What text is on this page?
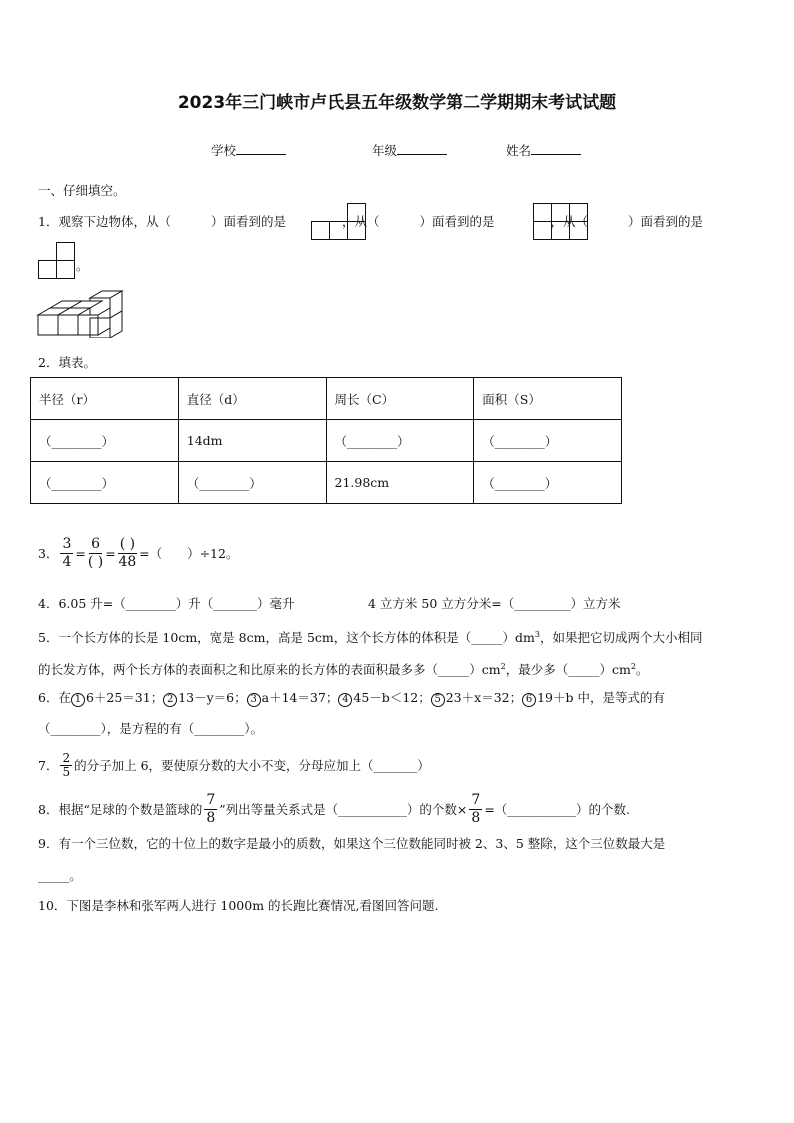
2023年三门峡市卢氏县五年级数学第二学期期末考试试题
学校	年级	姓名
一、仔细填空。
1．观察下边物体，从（	）面看到的是	，从（	）面看到的是	，从（	）面看到的是
。
2．填表。
半径（r）	直径（d）	周长（C）	面积（S）
（________）	14dm	（________）	（________）
（________）	（________）	21.98cm	（________）
3． $\frac{3}{4} = \frac{6}{( )} = \frac{( )}{48}$ =（　　）÷12。
4．6.05 升=（________）升（_______）毫升	4 立方米 50 立方分米=（_________）立方米
5．一个长方体的长是 10cm，宽是 8cm，高是 5cm，这个长方体的体积是$(\_\_\_\_\_)dm^3$，如果把它切成两个大小相同
的长发方体，两个长方体的表面积之和比原来的长方体的表面积最多多$(\_\_\_\_\_)cm^2$，最少多$(\_\_\_\_\_)cm^2$。
6．在 1 6＋25＝31； 2 13－y＝6； 3 a＋14＝37； 4 45－b＜12； 5 23＋x＝32； 6 19＋b 中，是等式的有
（________），是方程的有（________）。
7． $\frac{2}{5}$ 的分子加上 6，要使原分数的大小不变，分母应加上（_______）
8．根据“足球的个数是篮球的 $\frac{7}{8}$ ”列出等量关系式是（___________）的个数× $\frac{7}{8}$ =（___________）的个数.
9．有一个三位数，它的十位上的数字是最小的质数，如果这个三位数能同时被 2、3、5 整除，这个三位数最大是
_____。
10．下图是李林和张军两人进行 1000m 的长跑比赛情况,看图回答问题.
